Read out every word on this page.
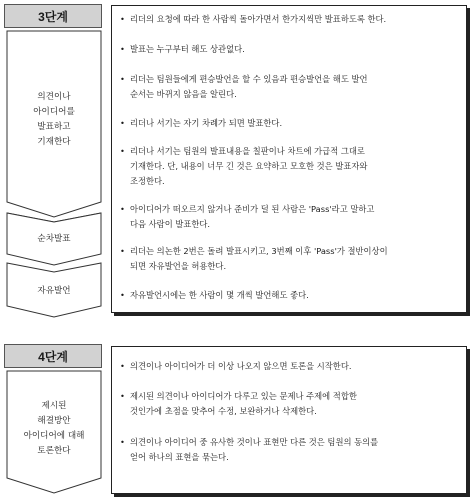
3단계
의견이나
아이디어를
발표하고
기재한다
순차발표
자유발언
• 리더의 요청에 따라 한 사람씩 돌아가면서 한가지씩만 발표하도록 한다.
• 발표는 누구부터 해도 상관없다.
• 리더는 팀원들에게 편승발언을 할 수 있음과 편승발언을 해도 발언
순서는 바뀌지 않음을 알린다.
• 리더나 서기는 자기 차례가 되면 발표한다.
• 리더나 서기는 팀원의 발표내용을 칠판이나 차트에 가급적 그대로
기재한다. 단, 내용이 너무 긴 것은 요약하고 모호한 것은 발표자와
조정한다.
• 아이디어가 떠오르지 않거나 준비가 덜 된 사람은 'Pass'라고 말하고
다음 사람이 발표한다.
• 리더는 의논한 2번은 돌려 발표시키고, 3번째 이후 'Pass'가 절반이상이
되면 자유발언을 허용한다.
• 자유발언시에는 한 사람이 몇 개씩 발언해도 좋다.
4단계
제시된
해결방안
아이디어에 대해
토론한다
• 의견이나 아이디어가 더 이상 나오지 않으면 토론을 시작한다.
• 제시된 의견이나 아이디어가 다루고 있는 문제나 주제에 적합한
것인가에 초점을 맞추어 수정, 보완하거나 삭제한다.
• 의견이나 아이디어 중 유사한 것이나 표현만 다른 것은 팀원의 동의를
얻어 하나의 표현을 묶는다.
